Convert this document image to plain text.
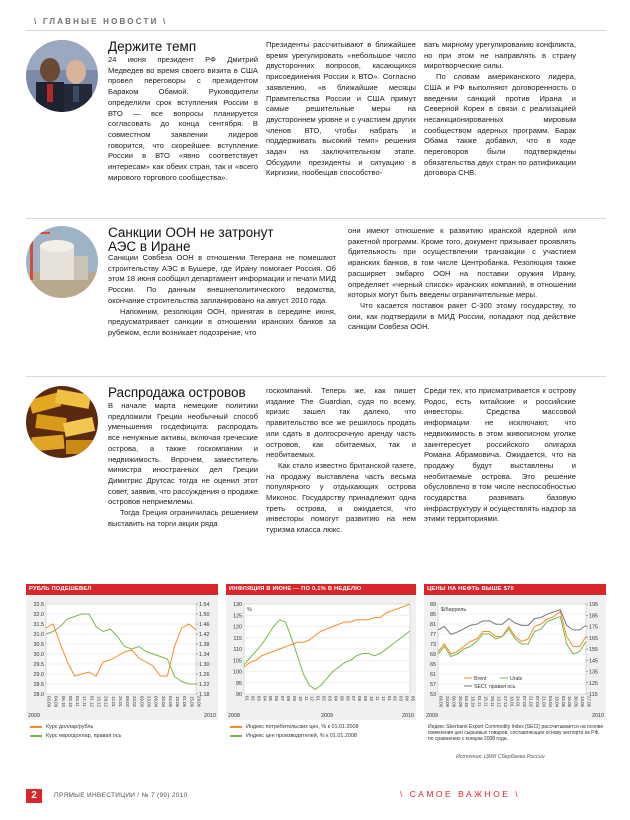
\ ГЛАВНЫЕ НОВОСТИ \
Держите темп

24 июня президент РФ Дмитрий Медведев во время своего визита в США провел переговоры с президентом Бараком Обамой. Руководители определили срок вступления России в ВТО — все вопросы планируется согласовать до конца сентября. В совместном заявлении лидеров говорится, что скорейшее вступление России в ВТО «явно соответствует интересам» как обеих стран, так и «всего мирового торгового сообщества».

Президенты рассчитывают в ближайшее время урегулировать «небольшое число двусторонних вопросов, касающихся присоединения России к ВТО». Согласно заявлению, «в ближайшие месяцы Правительства России и США примут самые решительные меры на двустороннем уровне и с участием других членов ВТО, чтобы набрать и поддерживать высокий темп» решения задач на заключительном этапе. Обсудили президенты и ситуацию в Киргизии, пообещав способство-

вать мирному урегулированию конфликта, но при этом не направлять в страну миротворческие силы.

По словам американского лидера, США и РФ выполняют договоренность о введении санкций против Ирана и Северной Кореи в связи с реализацией несанкционированных мировым сообществом ядерных программ. Барак Обама также добавил, что в ходе переговоров были подтверждены обязательства двух стран по ратификации договора СНВ.

Санкции ООН не затронут АЭС в Иране

Санкции Совбеза ООН в отношении Тегерана не помешают строительству АЭС в Бушере, где Ирану помогает Россия. Об этом 18 июня сообщил департамент информации и печати МИД России. По данным внешнеполитического ведомства, окончание строительства запланировано на август 2010 года.

Напомним, резолюция ООН, принятая в середине июня, предусматривает санкции в отношении иранских банков за рубежом, если возникает подозрение, что

они имеют отношение к развитию иранской ядерной или ракетной программ. Кроме того, документ призывает проявлять бдительность при осуществлении транзакции с участием иранских банков, в том числе Центробанка. Резолюция также расширяет эмбарго ООН на поставки оружия Ирану, определяет «черный список» иранских компаний, в отношении которых могут быть введены ограничительные меры.

Что касается поставок ракет С-300 этому государству, то они, как подтвердили в МИД России, попадают под действие санкции Совбеза ООН.

Распродажа островов

В начале марта немецкие политики предложили Греции необычный способ уменьшения госдефицита: распродать все ненужные активы, включая греческие острова, а также госкомпании и недвижимость. Впрочем, заместитель министра иностранных дел Греции Димитрис Друтсас тогда не оценил этот совет, заявив, что рассуждения о продаже островов неприемлемы.

Тогда Греция ограничилась решением выставить на торги акции ряда

госкомпаний. Теперь же, как пишет издание The Guardian, судя по всему, кризис зашел так далеко, что правительство все же решилось продать или сдать в долгосрочную аренду часть островов, как обитаемых, так и необитаемых.

Как стало известно британской газете, на продажу выставлена часть весьма популярного у отдыхающих острова Миконос. Государству принадлежит одна треть острова, и ожидается, что инвесторы помогут развитию на нем туризма класса люкс.

Среди тех, кто присматривается к острову Родос, есть китайские и российские инвесторы. Средства массовой информации не исключают, что недвижимость в этом живописном уголке заинтересует российского олигарха Романа Абрамовича. Ожидается, что на продажу будут выставлены и необитаемые острова. Это решение обусловлено в том числе неспособностью государства развивать базовую инфраструктуру и осуществлять надзор за этими территориями.

РУБЛЬ ПОДЕШЕВЕЛ
32.5
32.0
31.5
31.0
30.5
30.0
29.5
29.0
28.5
28.0
1.54
1.50
1.46
1.42
1.38
1.34
1.30
1.26
1.22
1.18
03.09 04.09 06.10 08.10 03.11 17.11 01.12 15.12 29.12 12.01 26.01 09.02 23.02 09.03 23.03 06.04 20.04 04.05 18.05 01.06 15.06 29.06
2009	2010
Курс доллар/рубль
Курс евро/доллар, правая ось
ИНФЛЯЦИЯ В ИЮНЕ — ПО 0,1% В НЕДЕЛЮ
130
125
120
115
110
105
100
95
90
01 02 03 04 05 06 07 08 09 10 11 12 01 02 03 04 05 06 07 08 09 10 11 12 01 02 03 04 05
2008	2009	2010
%
Индекс потребительских цен, % к 01.01.2008
Индекс цен производителей, % к 01.01.2008
ЦЕНЫ НА НЕФТЬ ВЫШЕ $70
89
85
81
77
73
69
65
61
57
53
195
185
175
165
155
145
135
125
115
06.08 23.08 06.09 20.09 04.10 18.10 01.11 15.11 29.11 13.12 27.12 10.01 24.01 07.02 21.02 07.03 21.03 04.04 18.04 02.05 16.05 30.05 13.06 27.06
2009	2010
$/баррель
Brent	Urals
SECI, правая ось
Индекс Sberbank Export Commodity Index (SECI) рассчитывается на основе изменения цен сырьевых товаров, составляющих основу экспорта из РФ, по сравнению с концом 2008 года.
Источник: ЦМИ Сбербанка России
2	ПРЯМЫЕ ИНВЕСТИЦИИ / № 7 (99) 2010	\ САМОЕ ВАЖНОЕ \
